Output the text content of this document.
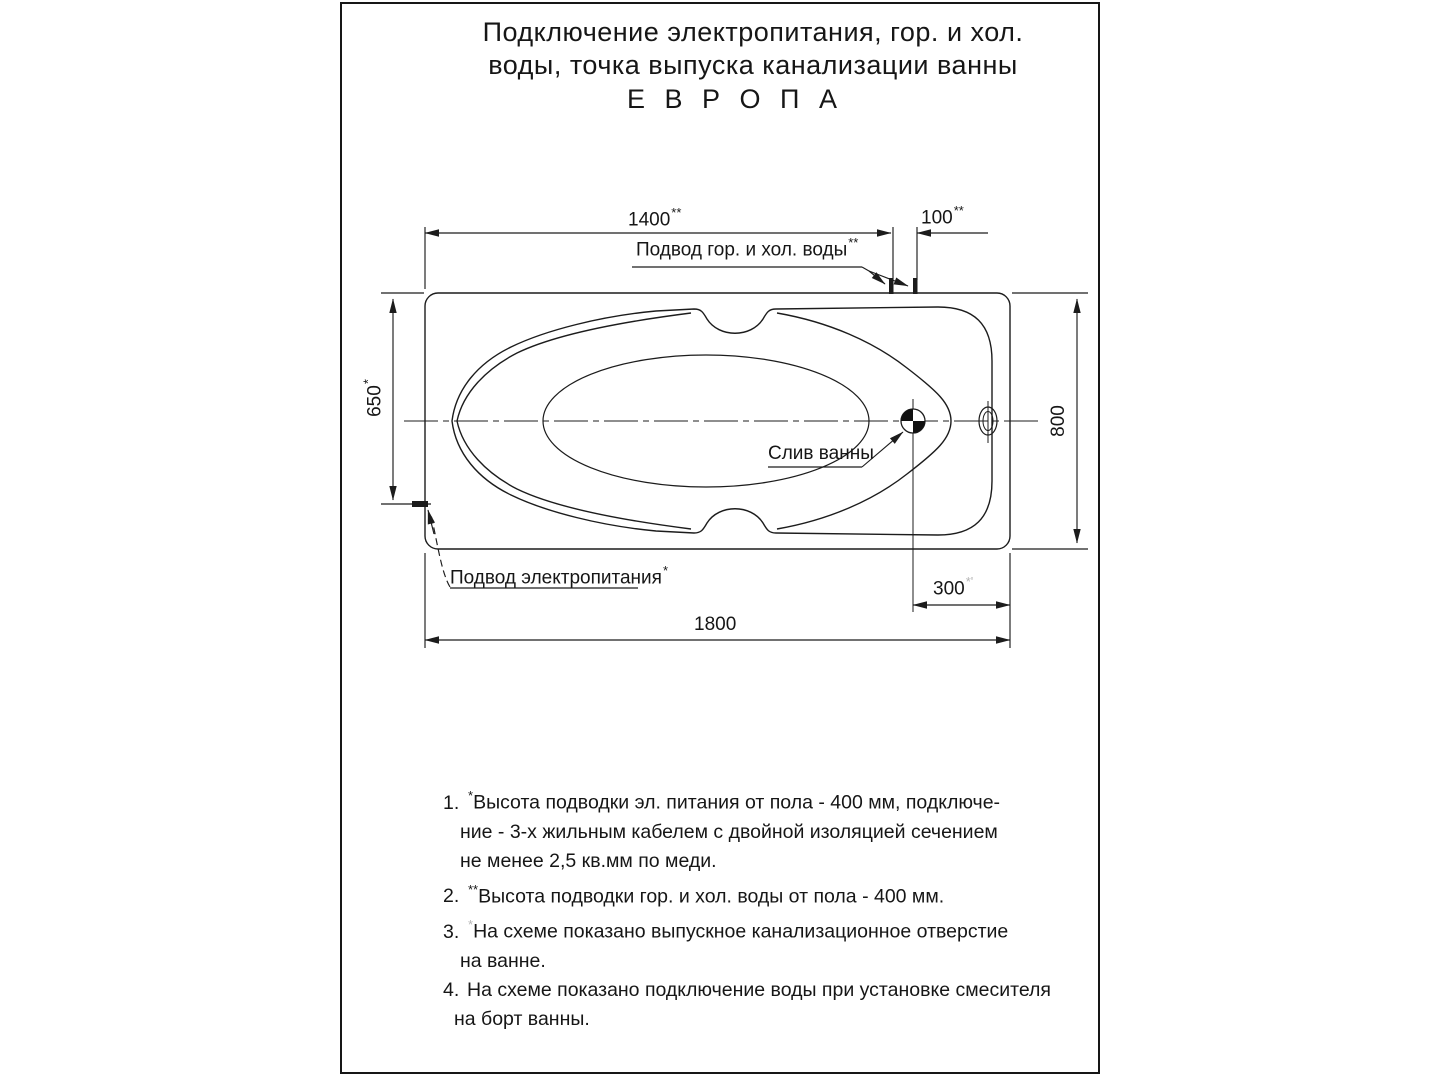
Подключение электропитания, гор. и хол.
воды, точка выпуска канализации ванны
Е В Р О П А
1400**	100**
650*
800
300*'
1800
Подвод гор. и хол. воды**
Слив ванны
Подвод электропитания*
1. *Высота подводки эл. питания от пола - 400 мм, подключе-
ние - 3-х жильным кабелем с двойной изоляцией сечением
не менее 2,5 кв.мм по меди.
2. **Высота подводки гор. и хол. воды от пола - 400 мм.
3. *На схеме показано выпускное канализационное отверстие
на ванне.
4. На схеме показано подключение воды при установке смесителя
на борт ванны.
